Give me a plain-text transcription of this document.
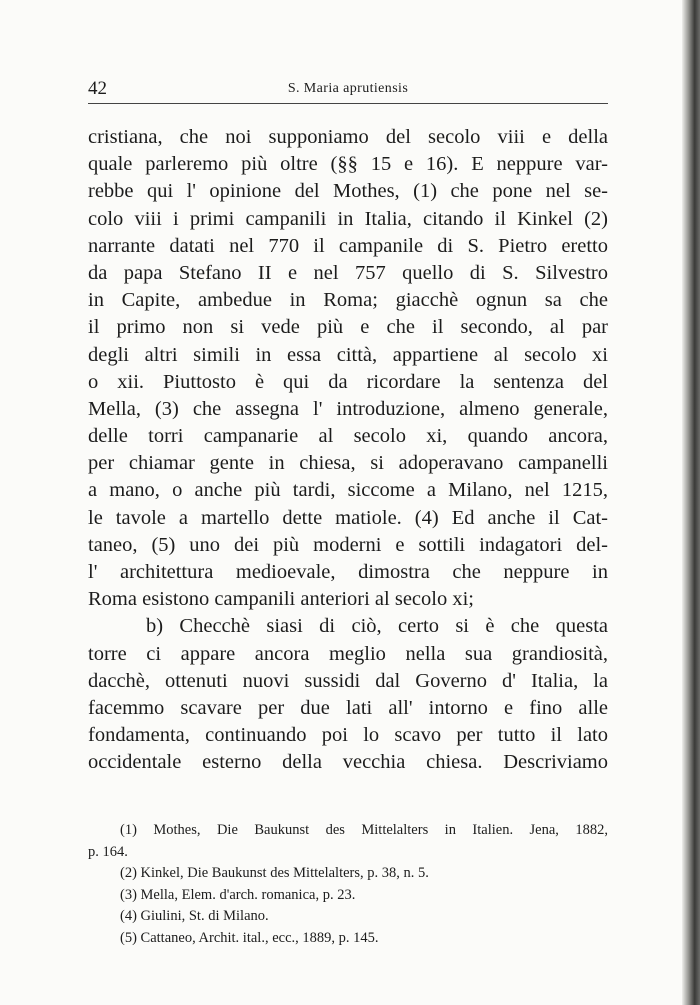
42	S. Maria aprutiensis
cristiana, che noi supponiamo del secolo viii e della
quale parleremo più oltre (§§ 15 e 16). E neppure var-
rebbe qui l' opinione del Mothes, (1) che pone nel se-
colo viii i primi campanili in Italia, citando il Kinkel (2)
narrante datati nel 770 il campanile di S. Pietro eretto
da papa Stefano II e nel 757 quello di S. Silvestro
in Capite, ambedue in Roma; giacchè ognun sa che
il primo non si vede più e che il secondo, al par
degli altri simili in essa città, appartiene al secolo xi
o xii. Piuttosto è qui da ricordare la sentenza del
Mella, (3) che assegna l' introduzione, almeno generale,
delle torri campanarie al secolo xi, quando ancora,
per chiamar gente in chiesa, si adoperavano campanelli
a mano, o anche più tardi, siccome a Milano, nel 1215,
le tavole a martello dette matiole. (4) Ed anche il Cat-
taneo, (5) uno dei più moderni e sottili indagatori del-
l' architettura medioevale, dimostra che neppure in
Roma esistono campanili anteriori al secolo xi;
b) Checchè siasi di ciò, certo si è che questa
torre ci appare ancora meglio nella sua grandiosità,
dacchè, ottenuti nuovi sussidi dal Governo d' Italia, la
facemmo scavare per due lati all' intorno e fino alle
fondamenta, continuando poi lo scavo per tutto il lato
occidentale esterno della vecchia chiesa. Descriviamo
(1) Mothes, Die Baukunst des Mittelalters in Italien. Jena, 1882,
p. 164.
(2) Kinkel, Die Baukunst des Mittelalters, p. 38, n. 5.
(3) Mella, Elem. d'arch. romanica, p. 23.
(4) Giulini, St. di Milano.
(5) Cattaneo, Archit. ital., ecc., 1889, p. 145.
